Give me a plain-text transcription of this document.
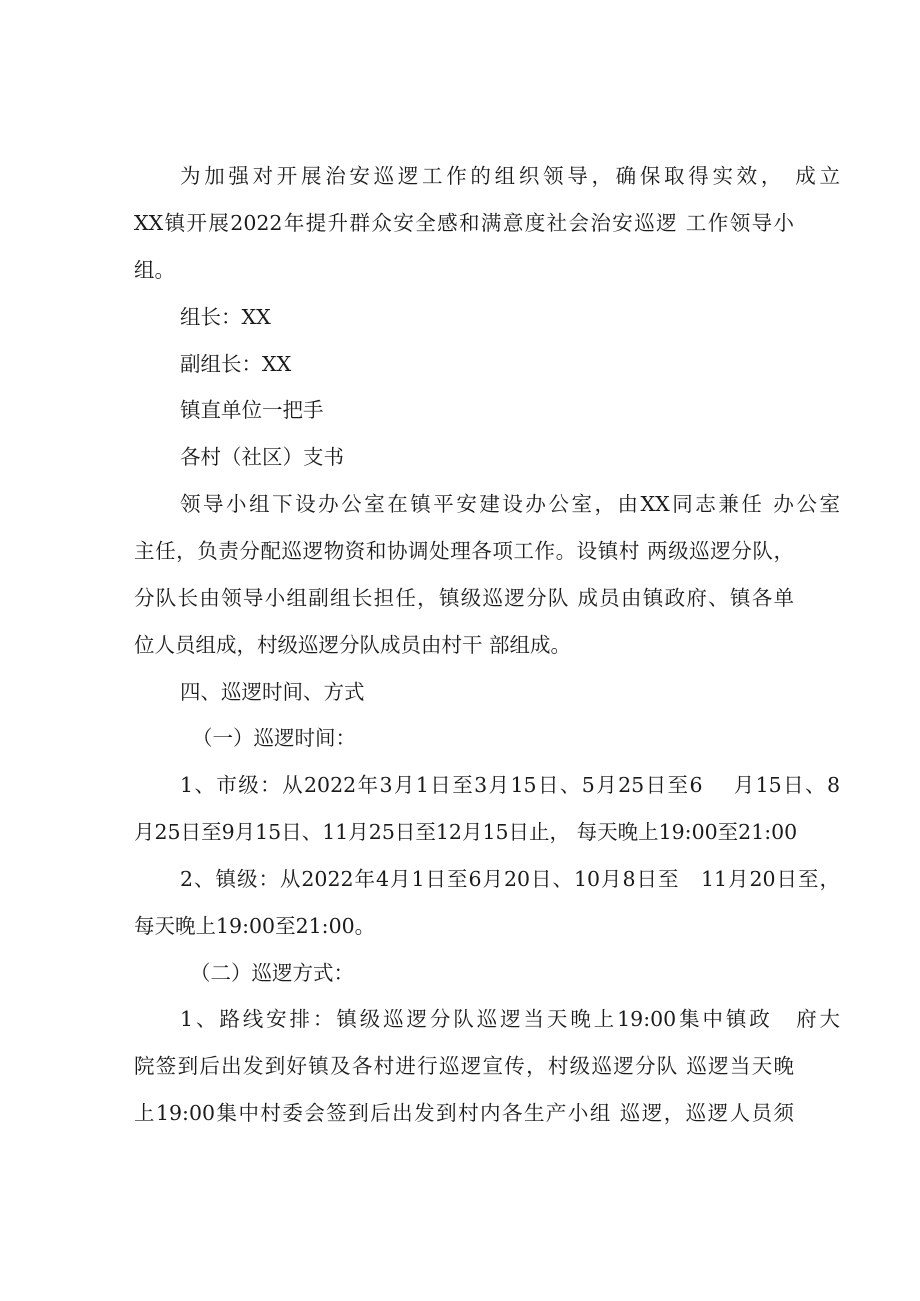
为加强对开展治安巡逻工作的组织领导，确保取得实效， 成立
XX镇开展2022年提升群众安全感和满意度社会治安巡逻 工作领导小
组。
组长：XX
副组长：XX
镇直单位一把手
各村（社区）支书
领导小组下设办公室在镇平安建设办公室，由XX同志兼任 办公室
主任，负责分配巡逻物资和协调处理各项工作。设镇村 两级巡逻分队，
分队长由领导小组副组长担任，镇级巡逻分队 成员由镇政府、镇各单
位人员组成，村级巡逻分队成员由村干 部组成。
四、巡逻时间、方式
（一）巡逻时间：
1、市级：从2022年3月1日至3月15日、5月25日至6　 月15日、8
月25日至9月15日、11月25日至12月15日止， 每天晚上19:00至21:00
2、镇级：从2022年4月1日至6月20日、10月8日至　11月20日至，
每天晚上19:00至21:00。
（二）巡逻方式：
1、路线安排：镇级巡逻分队巡逻当天晚上19:00集中镇政　府大
院签到后出发到好镇及各村进行巡逻宣传，村级巡逻分队 巡逻当天晚
上19:00集中村委会签到后出发到村内各生产小组 巡逻，巡逻人员须
